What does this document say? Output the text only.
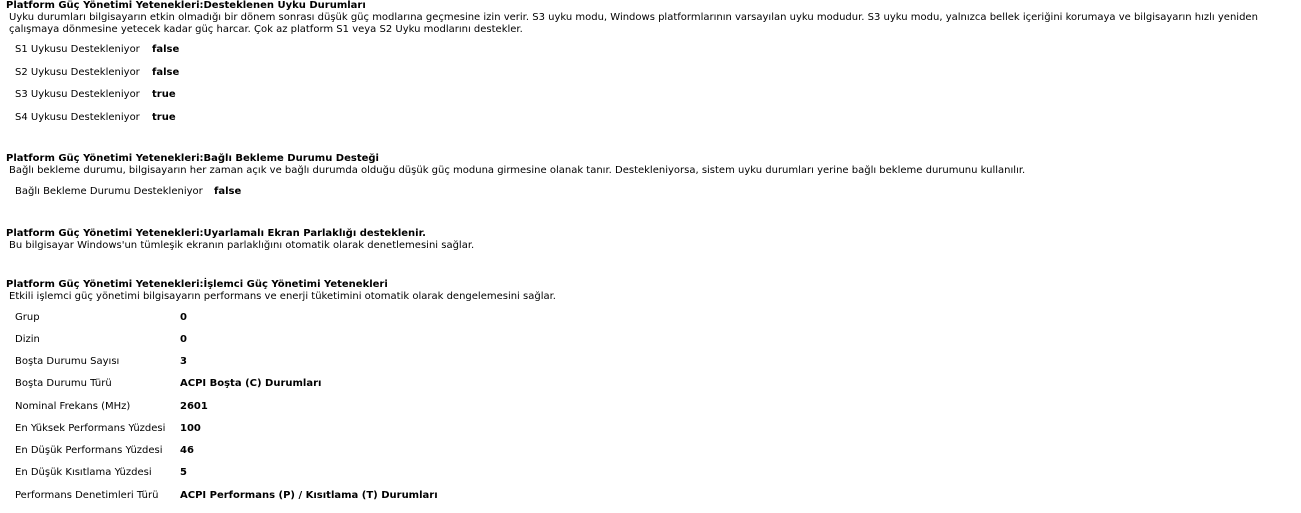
Platform Güç Yönetimi Yetenekleri:Desteklenen Uyku Durumları
Uyku durumları bilgisayarın etkin olmadığı bir dönem sonrası düşük güç modlarına geçmesine izin verir. S3 uyku modu, Windows platformlarının varsayılan uyku modudur. S3 uyku modu, yalnızca bellek içeriğini korumaya ve bilgisayarın hızlı yeniden çalışmaya dönmesine yetecek kadar güç harcar. Çok az platform S1 veya S2 Uyku modlarını destekler.
S1 Uykusu Destekleniyor false
S2 Uykusu Destekleniyor false
S3 Uykusu Destekleniyor true
S4 Uykusu Destekleniyor true
Platform Güç Yönetimi Yetenekleri:Bağlı Bekleme Durumu Desteği
Bağlı bekleme durumu, bilgisayarın her zaman açık ve bağlı durumda olduğu düşük güç moduna girmesine olanak tanır. Destekleniyorsa, sistem uyku durumları yerine bağlı bekleme durumunu kullanılır.
Bağlı Bekleme Durumu Destekleniyor false
Platform Güç Yönetimi Yetenekleri:Uyarlamalı Ekran Parlaklığı desteklenir.
Bu bilgisayar Windows'un tümleşik ekranın parlaklığını otomatik olarak denetlemesini sağlar.
Platform Güç Yönetimi Yetenekleri:İşlemci Güç Yönetimi Yetenekleri
Etkili işlemci güç yönetimi bilgisayarın performans ve enerji tüketimini otomatik olarak dengelemesini sağlar.
Grup	0
Dizin	0
Boşta Durumu Sayısı	3
Boşta Durumu Türü	ACPI Boşta (C) Durumları
Nominal Frekans (MHz)	2601
En Yüksek Performans Yüzdesi 100
En Düşük Performans Yüzdesi 46
En Düşük Kısıtlama Yüzdesi	5
Performans Denetimleri Türü ACPI Performans (P) / Kısıtlama (T) Durumları
